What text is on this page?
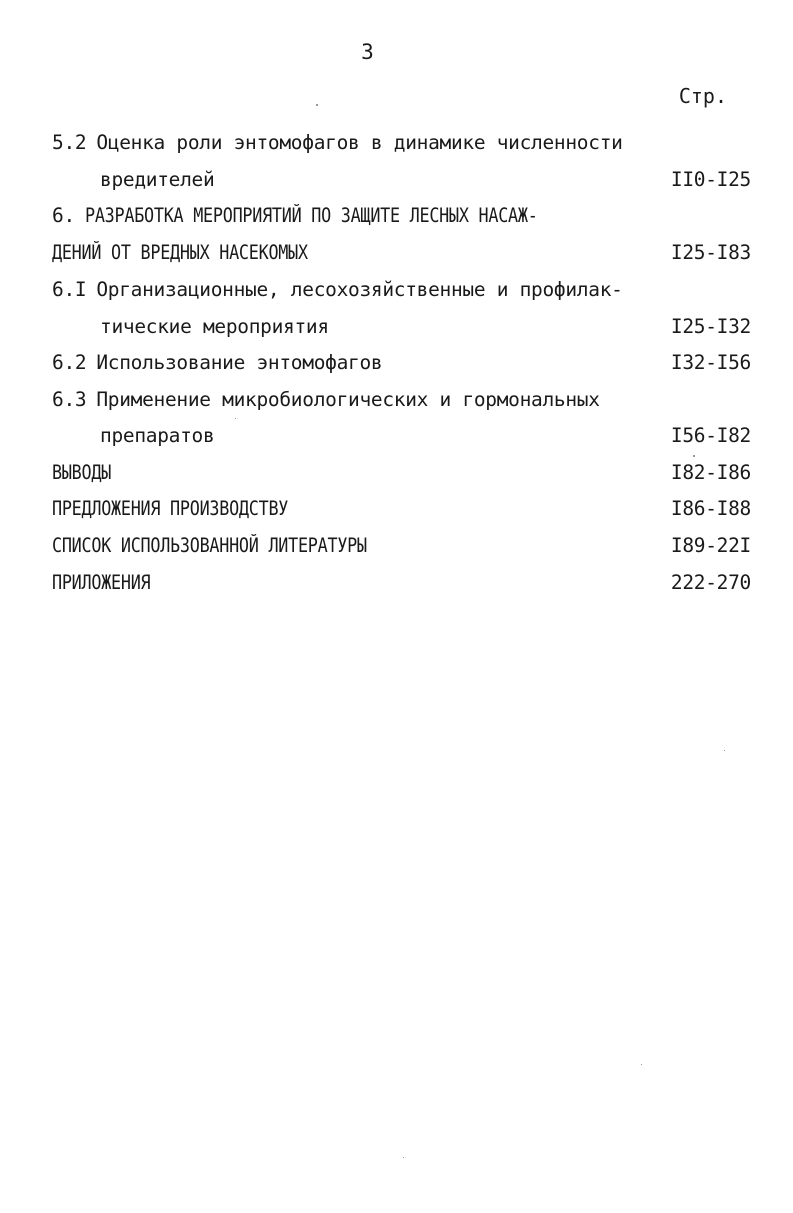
3
Стр.
5.2 Оценка роли энтомофагов в динамике численности
вредителей	II0-I25
6. РАЗРАБОТКА МЕРОПРИЯТИЙ ПО ЗАЩИТЕ ЛЕСНЫХ НАСАЖ-
ДЕНИЙ ОТ ВРЕДНЫХ НАСЕКОМЫХ	I25-I83
6.I Организационные, лесохозяйственные и профилак-
тические мероприятия	I25-I32
6.2 Использование энтомофагов	I32-I56
6.3 Применение микробиологических и гормональных
препаратов	I56-I82
ВЫВОДЫ	I82-I86
ПРЕДЛОЖЕНИЯ ПРОИЗВОДСТВУ	I86-I88
СПИСОК ИСПОЛЬЗОВАННОЙ ЛИТЕРАТУРЫ	I89-22I
ПРИЛОЖЕНИЯ	222-270
